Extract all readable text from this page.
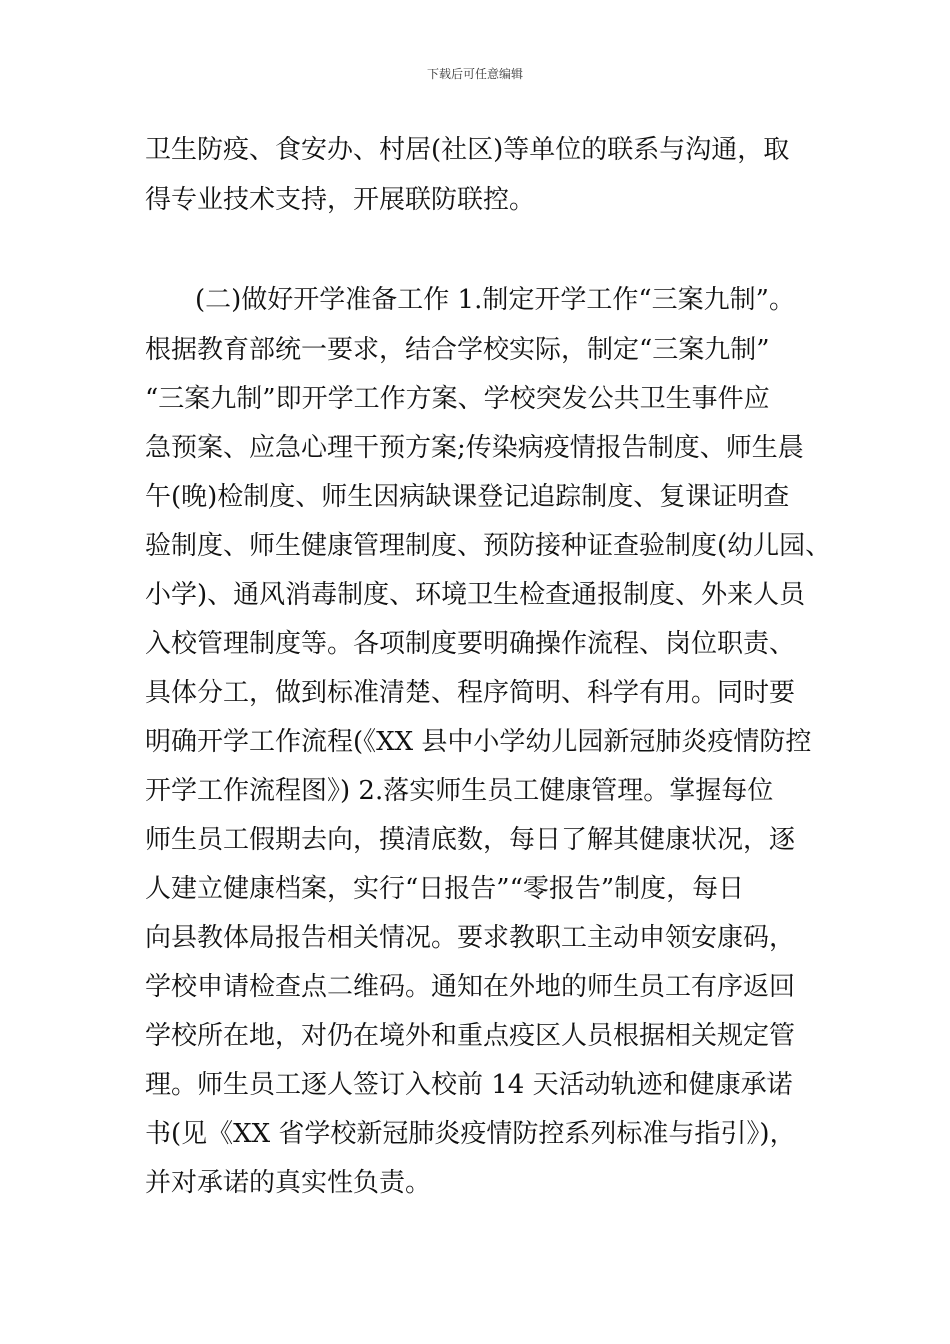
下载后可任意编辑
卫生防疫、食安办、村居(社区)等单位的联系与沟通，取
得专业技术支持，开展联防联控。
(二)做好开学准备工作 1.制定开学工作“三案九制”。
根据教育部统一要求，结合学校实际，制定“三案九制”
“三案九制”即开学工作方案、学校突发公共卫生事件应
急预案、应急心理干预方案;传染病疫情报告制度、师生晨
午(晚)检制度、师生因病缺课登记追踪制度、复课证明查
验制度、师生健康管理制度、预防接种证查验制度(幼儿园、
小学)、通风消毒制度、环境卫生检查通报制度、外来人员
入校管理制度等。各项制度要明确操作流程、岗位职责、
具体分工，做到标准清楚、程序简明、科学有用。同时要
明确开学工作流程(《XX 县中小学幼儿园新冠肺炎疫情防控
开学工作流程图》) 2.落实师生员工健康管理。掌握每位
师生员工假期去向，摸清底数，每日了解其健康状况，逐
人建立健康档案，实行“日报告”“零报告”制度，每日
向县教体局报告相关情况。要求教职工主动申领安康码，
学校申请检查点二维码。通知在外地的师生员工有序返回
学校所在地，对仍在境外和重点疫区人员根据相关规定管
理。师生员工逐人签订入校前 14 天活动轨迹和健康承诺
书(见《XX 省学校新冠肺炎疫情防控系列标准与指引》)，
并对承诺的真实性负责。
